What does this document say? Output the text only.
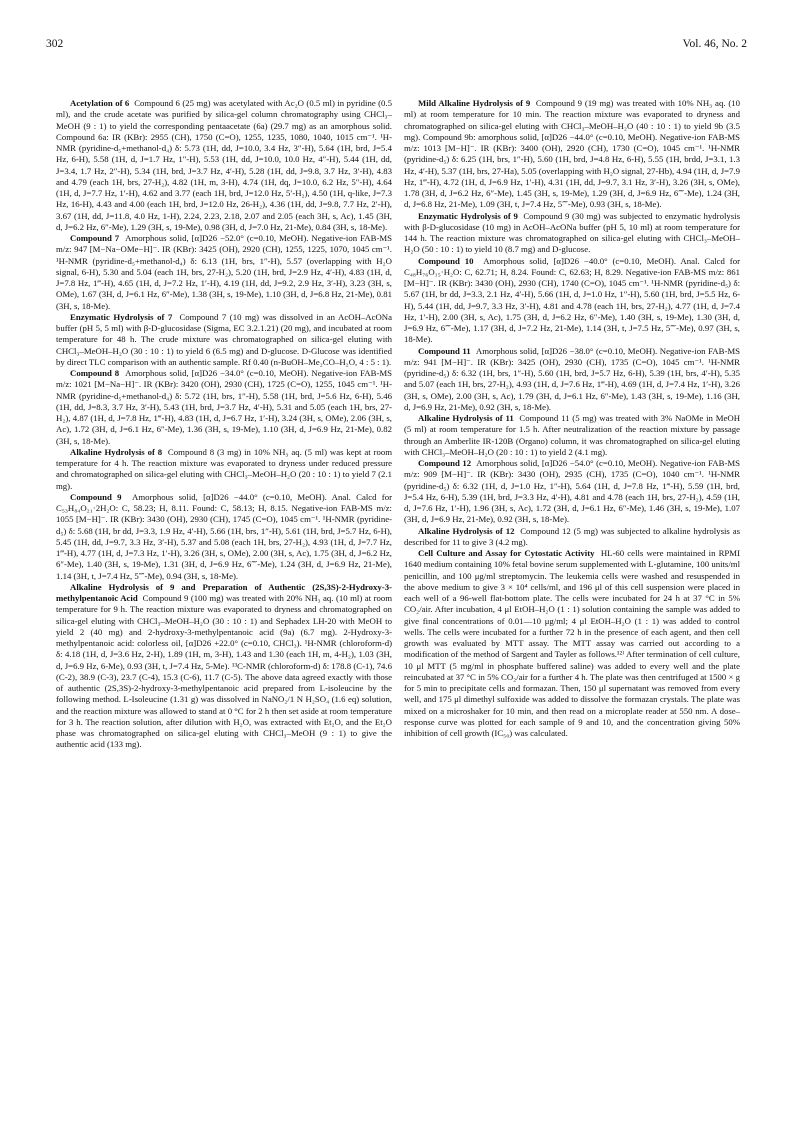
302	Vol. 46, No. 2

Acetylation of 6 Compound 6 (25 mg) was acetylated with Ac₂O (0.5 ml) in pyridine (0.5 ml), and the crude acetate was purified by silica-gel column chromatography using CHCl₃–MeOH (9 : 1) to yield the corresponding pentaacetate (6a) (29.7 mg) as an amorphous solid. Compound 6a: IR (KBr): 2955 (CH), 1750 (C=O), 1255, 1235, 1080, 1040, 1015 cm⁻¹. ¹H-NMR (pyridine-d₅+methanol-d₄) δ: 5.73 (1H, dd, J=10.0, 3.4 Hz, 3″-H), 5.64 (1H, brd, J=5.4 Hz, 6-H), 5.58 (1H, d, J=1.7 Hz, 1″-H), 5.53 (1H, dd, J=10.0, 10.0 Hz, 4″-H), 5.44 (1H, dd, J=3.4, 1.7 Hz, 2″-H), 5.34 (1H, brd, J=3.7 Hz, 4′-H), 5.28 (1H, dd, J=9.8, 3.7 Hz, 3′-H), 4.83 and 4.79 (each 1H, brs, 27-H₂), 4.82 (1H, m, 3-H), 4.74 (1H, dq, J=10.0, 6.2 Hz, 5″-H), 4.64 (1H, d, J=7.7 Hz, 1′-H), 4.62 and 3.77 (each 1H, brd, J=12.0 Hz, 5′-H₂), 4.50 (1H, q-like, J=7.3 Hz, 16-H), 4.43 and 4.00 (each 1H, brd, J=12.0 Hz, 26-H₂), 4.36 (1H, dd, J=9.8, 7.7 Hz, 2′-H), 3.67 (1H, dd, J=11.8, 4.0 Hz, 1-H), 2.24, 2.23, 2.18, 2.07 and 2.05 (each 3H, s, Ac), 1.45 (3H, d, J=6.2 Hz, 6″-Me), 1.29 (3H, s, 19-Me), 0.98 (3H, d, J=7.0 Hz, 21-Me), 0.84 (3H, s, 18-Me).

Compound 7 Amorphous solid, [α]D26 −52.0° (c=0.10, MeOH). Negative-ion FAB-MS m/z: 947 [M−Na−OMe−H]⁻. IR (KBr): 3425 (OH), 2920 (CH), 1255, 1225, 1070, 1045 cm⁻¹. ¹H-NMR (pyridine-d₅+methanol-d₄) δ: 6.13 (1H, brs, 1″-H), 5.57 (overlapping with H₂O signal, 6-H), 5.30 and 5.04 (each 1H, brs, 27-H₂), 5.20 (1H, brd, J=2.9 Hz, 4′-H), 4.83 (1H, d, J=7.8 Hz, 1‴-H), 4.65 (1H, d, J=7.2 Hz, 1′-H), 4.19 (1H, dd, J=9.2, 2.9 Hz, 3′-H), 3.23 (3H, s, OMe), 1.67 (3H, d, J=6.1 Hz, 6″-Me), 1.38 (3H, s, 19-Me), 1.10 (3H, d, J=6.8 Hz, 21-Me), 0.81 (3H, s, 18-Me).

Enzymatic Hydrolysis of 7 Compound 7 (10 mg) was dissolved in an AcOH–AcONa buffer (pH 5, 5 ml) with β-D-glucosidase (Sigma, EC 3.2.1.21) (20 mg), and incubated at room temperature for 48 h. The crude mixture was chromatographed on silica-gel eluting with CHCl₃–MeOH–H₂O (30 : 10 : 1) to yield 6 (6.5 mg) and D-glucose. D-Glucose was identified by direct TLC comparison with an authentic sample. Rf 0.40 (n-BuOH–Me₂CO–H₂O, 4 : 5 : 1).

Compound 8 Amorphous solid, [α]D26 −34.0° (c=0.10, MeOH). Negative-ion FAB-MS m/z: 1021 [M−Na−H]⁻. IR (KBr): 3420 (OH), 2930 (CH), 1725 (C=O), 1255, 1045 cm⁻¹. ¹H-NMR (pyridine-d₅+methanol-d₄) δ: 5.72 (1H, brs, 1″-H), 5.58 (1H, brd, J=5.6 Hz, 6-H), 5.46 (1H, dd, J=8.3, 3.7 Hz, 3′-H), 5.43 (1H, brd, J=3.7 Hz, 4′-H), 5.31 and 5.05 (each 1H, brs, 27-H₂), 4.87 (1H, d, J=7.8 Hz, 1‴-H), 4.83 (1H, d, J=6.7 Hz, 1′-H), 3.24 (3H, s, OMe), 2.06 (3H, s, Ac), 1.72 (3H, d, J=6.1 Hz, 6″-Me), 1.36 (3H, s, 19-Me), 1.10 (3H, d, J=6.9 Hz, 21-Me), 0.82 (3H, s, 18-Me).

Alkaline Hydrolysis of 8 Compound 8 (3 mg) in 10% NH₃ aq. (5 ml) was kept at room temperature for 4 h. The reaction mixture was evaporated to dryness under reduced pressure and chromatographed on silica-gel eluting with CHCl₃–MeOH–H₂O (20 : 10 : 1) to yield 7 (2.1 mg).

Compound 9 Amorphous solid, [α]D26 −44.0° (c=0.10, MeOH). Anal. Calcd for C₅₃H₈₄O₂₁·2H₂O: C, 58.23; H, 8.11. Found: C, 58.13; H, 8.15. Negative-ion FAB-MS m/z: 1055 [M−H]⁻. IR (KBr): 3430 (OH), 2930 (CH), 1745 (C=O), 1045 cm⁻¹. ¹H-NMR (pyridine-d₅) δ: 5.68 (1H, br dd, J=3.3, 1.9 Hz, 4′-H), 5.66 (1H, brs, 1″-H), 5.61 (1H, brd, J=5.7 Hz, 6-H), 5.45 (1H, dd, J=9.7, 3.3 Hz, 3′-H), 5.37 and 5.08 (each 1H, brs, 27-H₂), 4.93 (1H, d, J=7.7 Hz, 1‴-H), 4.77 (1H, d, J=7.3 Hz, 1′-H), 3.26 (3H, s, OMe), 2.00 (3H, s, Ac), 1.75 (3H, d, J=6.2 Hz, 6″-Me), 1.40 (3H, s, 19-Me), 1.31 (3H, d, J=6.9 Hz, 6⁗-Me), 1.24 (3H, d, J=6.9 Hz, 21-Me), 1.14 (3H, t, J=7.4 Hz, 5⁗-Me), 0.94 (3H, s, 18-Me).

Alkaline Hydrolysis of 9 and Preparation of Authentic (2S,3S)-2-Hydroxy-3-methylpentanoic Acid Compound 9 (100 mg) was treated with 20% NH₃ aq. (10 ml) at room temperature for 9 h. The reaction mixture was evaporated to dryness and chromatographed on silica-gel eluting with CHCl₃–MeOH–H₂O (30 : 10 : 1) and Sephadex LH-20 with MeOH to yield 2 (40 mg) and 2-hydroxy-3-methylpentanoic acid (9a) (6.7 mg). 2-Hydroxy-3-methylpentanoic acid: colorless oil, [α]D26 +22.0° (c=0.10, CHCl₃). ¹H-NMR (chloroform-d) δ: 4.18 (1H, d, J=3.6 Hz, 2-H), 1.89 (1H, m, 3-H), 1.43 and 1.30 (each 1H, m, 4-H₂), 1.03 (3H, d, J=6.9 Hz, 6-Me), 0.93 (3H, t, J=7.4 Hz, 5-Me). ¹³C-NMR (chloroform-d) δ: 178.8 (C-1), 74.6 (C-2), 38.9 (C-3), 23.7 (C-4), 15.3 (C-6), 11.7 (C-5). The above data agreed exactly with those of authentic (2S,3S)-2-hydroxy-3-methylpentanoic acid prepared from L-isoleucine by the following method. L-Isoleucine (1.31 g) was dissolved in NaNO₂/1 N H₂SO₄ (1.6 eq) solution, and the reaction mixture was allowed to stand at 0 °C for 2 h then set aside at room temperature for 3 h. The reaction solution, after dilution with H₂O, was extracted with Et₂O, and the Et₂O phase was chromatographed on silica-gel eluting with CHCl₃–MeOH (9 : 1) to give the authentic acid (133 mg).

Mild Alkaline Hydrolysis of 9 Compound 9 (19 mg) was treated with 10% NH₃ aq. (10 ml) at room temperature for 10 min. The reaction mixture was evaporated to dryness and chromatographed on silica-gel eluting with CHCl₃–MeOH–H₂O (40 : 10 : 1) to yield 9b (3.5 mg). Compound 9b: amorphous solid, [α]D26 −44.0° (c=0.10, MeOH). Negative-ion FAB-MS m/z: 1013 [M−H]⁻. IR (KBr): 3400 (OH), 2920 (CH), 1730 (C=O), 1045 cm⁻¹. ¹H-NMR (pyridine-d₅) δ: 6.25 (1H, brs, 1″-H), 5.60 (1H, brd, J=4.8 Hz, 6-H), 5.55 (1H, brdd, J=3.1, 1.3 Hz, 4′-H), 5.37 (1H, brs, 27-Ha), 5.05 (overlapping with H₂O signal, 27-Hb), 4.94 (1H, d, J=7.9 Hz, 1‴-H), 4.72 (1H, d, J=6.9 Hz, 1′-H), 4.31 (1H, dd, J=9.7, 3.1 Hz, 3′-H), 3.26 (3H, s, OMe), 1.78 (3H, d, J=6.2 Hz, 6″-Me), 1.45 (3H, s, 19-Me), 1.29 (3H, d, J=6.9 Hz, 6⁗-Me), 1.24 (3H, d, J=6.8 Hz, 21-Me), 1.09 (3H, t, J=7.4 Hz, 5⁗-Me), 0.93 (3H, s, 18-Me).

Enzymatic Hydrolysis of 9 Compound 9 (30 mg) was subjected to enzymatic hydrolysis with β-D-glucosidase (10 mg) in AcOH–AcONa buffer (pH 5, 10 ml) at room temperature for 144 h. The reaction mixture was chromatographed on silica-gel eluting with CHCl₃–MeOH–H₂O (50 : 10 : 1) to yield 10 (8.7 mg) and D-glucose.

Compound 10 Amorphous solid, [α]D26 −40.0° (c=0.10, MeOH). Anal. Calcd for C₄₈H₇₆O₁₅·H₂O: C, 62.71; H, 8.24. Found: C, 62.63; H, 8.29. Negative-ion FAB-MS m/z: 861 [M−H]⁻. IR (KBr): 3430 (OH), 2930 (CH), 1740 (C=O), 1045 cm⁻¹. ¹H-NMR (pyridine-d₅) δ: 5.67 (1H, br dd, J=3.3, 2.1 Hz, 4′-H), 5.66 (1H, d, J=1.0 Hz, 1″-H), 5.60 (1H, brd, J=5.5 Hz, 6-H), 5.44 (1H, dd, J=9.7, 3.3 Hz, 3′-H), 4.81 and 4.78 (each 1H, brs, 27-H₂), 4.77 (1H, d, J=7.4 Hz, 1′-H), 2.00 (3H, s, Ac), 1.75 (3H, d, J=6.2 Hz, 6″-Me), 1.40 (3H, s, 19-Me), 1.30 (3H, d, J=6.9 Hz, 6⁗-Me), 1.17 (3H, d, J=7.2 Hz, 21-Me), 1.14 (3H, t, J=7.5 Hz, 5⁗-Me), 0.97 (3H, s, 18-Me).

Compound 11 Amorphous solid, [α]D26 −38.0° (c=0.10, MeOH). Negative-ion FAB-MS m/z: 941 [M−H]⁻. IR (KBr): 3425 (OH), 2930 (CH), 1735 (C=O), 1045 cm⁻¹. ¹H-NMR (pyridine-d₅) δ: 6.32 (1H, brs, 1″-H), 5.60 (1H, brd, J=5.7 Hz, 6-H), 5.39 (1H, brs, 4′-H), 5.35 and 5.07 (each 1H, brs, 27-H₂), 4.93 (1H, d, J=7.6 Hz, 1‴-H), 4.69 (1H, d, J=7.4 Hz, 1′-H), 3.26 (3H, s, OMe), 2.00 (3H, s, Ac), 1.79 (3H, d, J=6.1 Hz, 6″-Me), 1.43 (3H, s, 19-Me), 1.16 (3H, d, J=6.9 Hz, 21-Me), 0.92 (3H, s, 18-Me).

Alkaline Hydrolysis of 11 Compound 11 (5 mg) was treated with 3% NaOMe in MeOH (5 ml) at room temperature for 1.5 h. After neutralization of the reaction mixture by passage through an Amberlite IR-120B (Organo) column, it was chromatographed on silica-gel eluting with CHCl₃–MeOH–H₂O (20 : 10 : 1) to yield 2 (4.1 mg).

Compound 12 Amorphous solid, [α]D26 −54.0° (c=0.10, MeOH). Negative-ion FAB-MS m/z: 909 [M−H]⁻. IR (KBr): 3430 (OH), 2935 (CH), 1735 (C=O), 1040 cm⁻¹. ¹H-NMR (pyridine-d₅) δ: 6.32 (1H, d, J=1.0 Hz, 1″-H), 5.64 (1H, d, J=7.8 Hz, 1‴-H), 5.59 (1H, brd, J=5.4 Hz, 6-H), 5.39 (1H, brd, J=3.3 Hz, 4′-H), 4.81 and 4.78 (each 1H, brs, 27-H₂), 4.59 (1H, d, J=7.6 Hz, 1′-H), 1.96 (3H, s, Ac), 1.72 (3H, d, J=6.1 Hz, 6″-Me), 1.46 (3H, s, 19-Me), 1.07 (3H, d, J=6.9 Hz, 21-Me), 0.92 (3H, s, 18-Me).

Alkaline Hydrolysis of 12 Compound 12 (5 mg) was subjected to alkaline hydrolysis as described for 11 to give 3 (4.2 mg).

Cell Culture and Assay for Cytostatic Activity HL-60 cells were maintained in RPMI 1640 medium containing 10% fetal bovine serum supplemented with L-glutamine, 100 units/ml penicillin, and 100 μg/ml streptomycin. The leukemia cells were washed and resuspended in the above medium to give 3 × 10⁴ cells/ml, and 196 μl of this cell suspension were placed in each well of a 96-well flat-bottom plate. The cells were incubated for 24 h at 37 °C in 5% CO₂/air. After incubation, 4 μl EtOH–H₂O (1 : 1) solution containing the sample was added to give final concentrations of 0.01—10 μg/ml; 4 μl EtOH–H₂O (1 : 1) was added to control wells. The cells were incubated for a further 72 h in the presence of each agent, and then cell growth was evaluated by MTT assay. The MTT assay was carried out according to a modification of the method of Sargent and Tayler as follows.¹²⁾ After termination of cell culture, 10 μl MTT (5 mg/ml in phosphate buffered saline) was added to every well and the plate reincubated at 37 °C in 5% CO₂/air for a further 4 h. The plate was then centrifuged at 1500 × g for 5 min to precipitate cells and formazan. Then, 150 μl supernatant was removed from every well, and 175 μl dimethyl sulfoxide was added to dissolve the formazan crystals. The plate was mixed on a microshaker for 10 min, and then read on a microplate reader at 550 nm. A dose–response curve was plotted for each sample of 9 and 10, and the concentration giving 50% inhibition of cell growth (IC₅₀) was calculated.
